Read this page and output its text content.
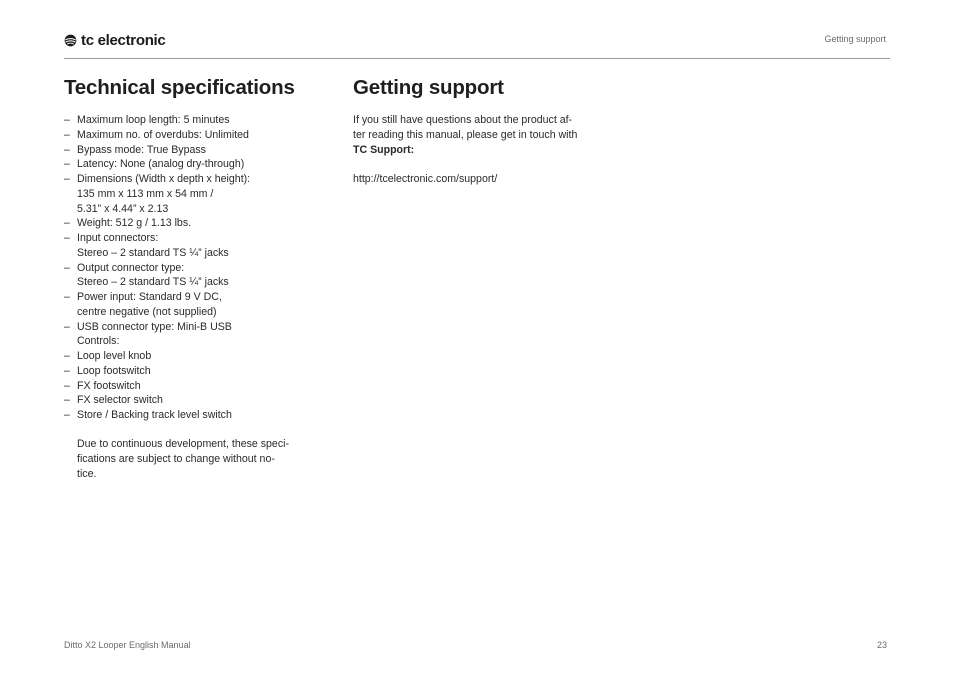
tc electronic	Getting support
Technical specifications
– Maximum loop length: 5 minutes
– Maximum no. of overdubs: Unlimited
– Bypass mode: True Bypass
– Latency: None (analog dry-through)
– Dimensions (Width x depth x height):
135 mm x 113 mm x 54 mm /
5.31” x 4.44” x 2.13
– Weight: 512 g / 1.13 lbs.
– Input connectors:
Stereo – 2 standard TS ¼” jacks
– Output connector type:
Stereo – 2 standard TS ¼” jacks
– Power input: Standard 9 V DC,
centre negative (not supplied)
– USB connector type: Mini-B USB
Controls:
– Loop level knob
– Loop footswitch
– FX footswitch
– FX selector switch
– Store / Backing track level switch

Due to continuous development, these speci-
fications are subject to change without no-
tice.

Getting support

If you still have questions about the product af-
ter reading this manual, please get in touch with
TC Support:

http://tcelectronic.com/support/
Ditto X2 Looper English Manual	23
